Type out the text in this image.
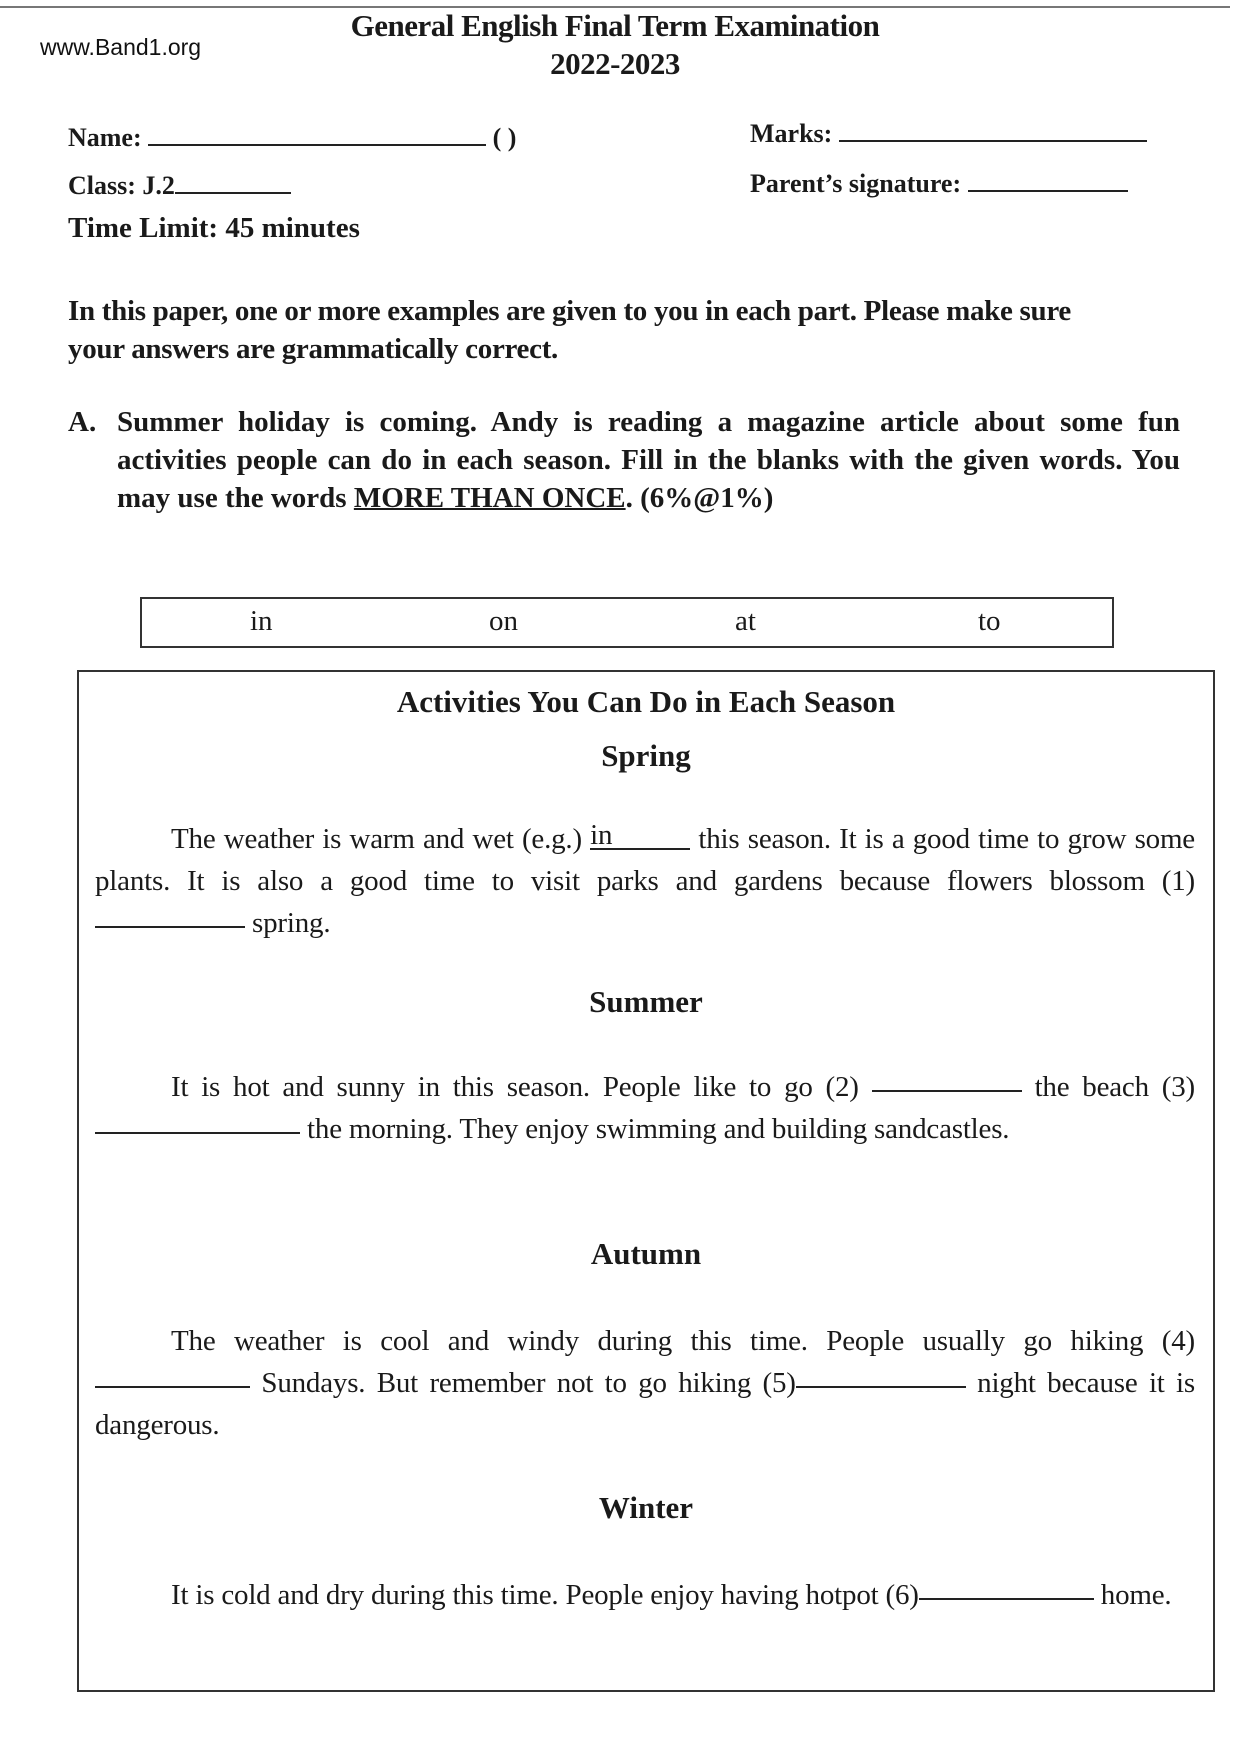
www.Band1.org
General English Final Term Examination
2022-2023
Name:	( )	Marks:
Class: J.2	Parent’s signature:
Time Limit: 45 minutes
In this paper, one or more examples are given to you in each part. Please make sure your answers are grammatically correct.
A. Summer holiday is coming. Andy is reading a magazine article about some fun activities people can do in each season. Fill in the blanks with the given words. You may use the words MORE THAN ONCE. (6%@1%)
in	on	at	to
Activities You Can Do in Each Season
Spring
The weather is warm and wet (e.g.) in	this season. It is a good time to grow some plants. It is also a good time to visit parks and gardens because flowers blossom (1)  spring.
Summer
It is hot and sunny in this season. People like to go (2)	the beach (3)  the morning. They enjoy swimming and building sandcastles.
Autumn
The weather is cool and windy during this time. People usually go hiking (4) Sundays. But remember not to go hiking (5)	night because it is dangerous.
Winter
It is cold and dry during this time. People enjoy having hotpot (6)	home.
